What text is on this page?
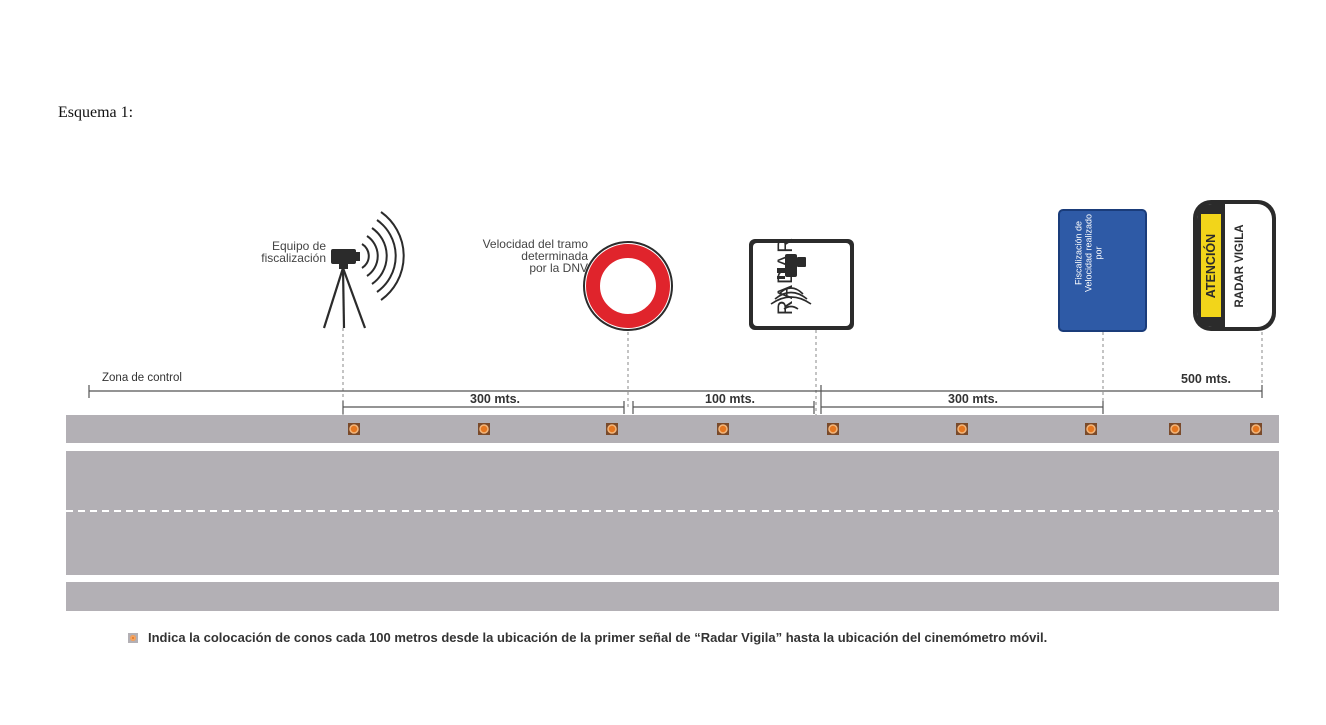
Esquema 1:
Equipo de
fiscalización
Velocidad del tramo
determinada
por la DNV
Zona de control
300 mts.	100 mts.	300 mts.
500 mts.
RADAR	Fiscalización de Velocidad realizado por	ATENCIÓN RADAR VIGILA
Indica la colocación de conos cada 100 metros desde la ubicación de la primer señal de “Radar Vigila” hasta la ubicación del cinemómetro móvil.
